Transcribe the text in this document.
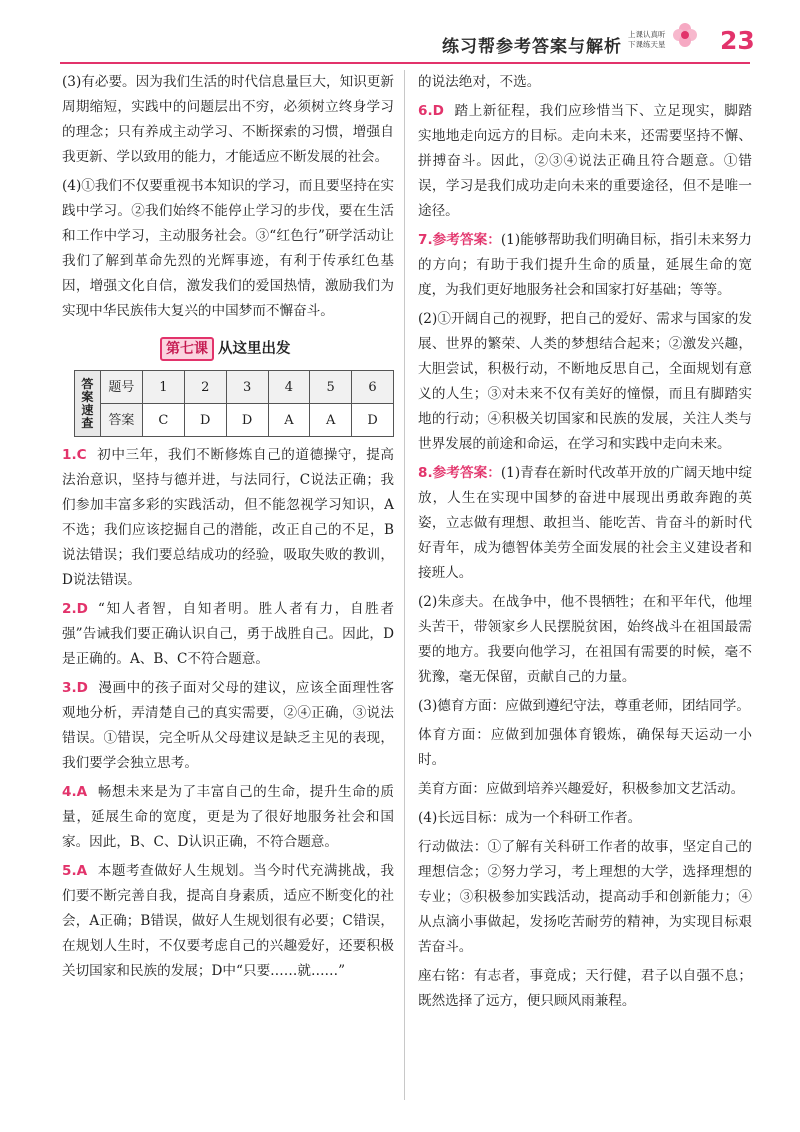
练习帮参考答案与解析
上课认真听
下课练天星	23

(3)有必要。因为我们生活的时代信息量巨大，知识更新周期缩短，实践中的问题层出不穷，必须树立终身学习的理念；只有养成主动学习、不断探索的习惯，增强自我更新、学以致用的能力，才能适应不断发展的社会。

(4)①我们不仅要重视书本知识的学习，而且要坚持在实践中学习。②我们始终不能停止学习的步伐，要在生活和工作中学习，主动服务社会。③“红色行”研学活动让我们了解到革命先烈的光辉事迹，有利于传承红色基因，增强文化自信，激发我们的爱国热情，激励我们为实现中华民族伟大复兴的中国梦而不懈奋斗。

第七课 从这里出发
答案速查	题号	1	2	3	4	5	6
	答案	C	D	D	A	A	D

1.C 初中三年，我们不断修炼自己的道德操守，提高法治意识，坚持与德并进，与法同行，C说法正确；我们参加丰富多彩的实践活动，但不能忽视学习知识，A不选；我们应该挖掘自己的潜能，改正自己的不足，B说法错误；我们要总结成功的经验，吸取失败的教训，D说法错误。

2.D “知人者智，自知者明。胜人者有力，自胜者强”告诫我们要正确认识自己，勇于战胜自己。因此，D是正确的。A、B、C不符合题意。

3.D 漫画中的孩子面对父母的建议，应该全面理性客观地分析，弄清楚自己的真实需要，②④正确，③说法错误。①错误，完全听从父母建议是缺乏主见的表现，我们要学会独立思考。

4.A 畅想未来是为了丰富自己的生命，提升生命的质量，延展生命的宽度，更是为了很好地服务社会和国家。因此，B、C、D认识正确，不符合题意。

5.A 本题考查做好人生规划。当今时代充满挑战，我们要不断完善自我，提高自身素质，适应不断变化的社会，A正确；B错误，做好人生规划很有必要；C错误，在规划人生时，不仅要考虑自己的兴趣爱好，还要积极关切国家和民族的发展；D中“只要……就……”

的说法绝对，不选。

6.D 踏上新征程，我们应珍惜当下、立足现实，脚踏实地地走向远方的目标。走向未来，还需要坚持不懈、拼搏奋斗。因此，②③④说法正确且符合题意。①错误，学习是我们成功走向未来的重要途径，但不是唯一途径。

7.参考答案：(1)能够帮助我们明确目标，指引未来努力的方向；有助于我们提升生命的质量，延展生命的宽度，为我们更好地服务社会和国家打好基础；等等。

(2)①开阔自己的视野，把自己的爱好、需求与国家的发展、世界的繁荣、人类的梦想结合起来；②激发兴趣，大胆尝试，积极行动，不断地反思自己，全面规划有意义的人生；③对未来不仅有美好的憧憬，而且有脚踏实地的行动；④积极关切国家和民族的发展，关注人类与世界发展的前途和命运，在学习和实践中走向未来。

8.参考答案：(1)青春在新时代改革开放的广阔天地中绽放，人生在实现中国梦的奋进中展现出勇敢奔跑的英姿，立志做有理想、敢担当、能吃苦、肯奋斗的新时代好青年，成为德智体美劳全面发展的社会主义建设者和接班人。

(2)朱彦夫。在战争中，他不畏牺牲；在和平年代，他埋头苦干，带领家乡人民摆脱贫困，始终战斗在祖国最需要的地方。我要向他学习，在祖国有需要的时候，毫不犹豫，毫无保留，贡献自己的力量。

(3)德育方面：应做到遵纪守法，尊重老师，团结同学。

体育方面：应做到加强体育锻炼，确保每天运动一小时。

美育方面：应做到培养兴趣爱好，积极参加文艺活动。

(4)长远目标：成为一个科研工作者。

行动做法：①了解有关科研工作者的故事，坚定自己的理想信念；②努力学习，考上理想的大学，选择理想的专业；③积极参加实践活动，提高动手和创新能力；④从点滴小事做起，发扬吃苦耐劳的精神，为实现目标艰苦奋斗。

座右铭：有志者，事竟成；天行健，君子以自强不息；既然选择了远方，便只顾风雨兼程。
